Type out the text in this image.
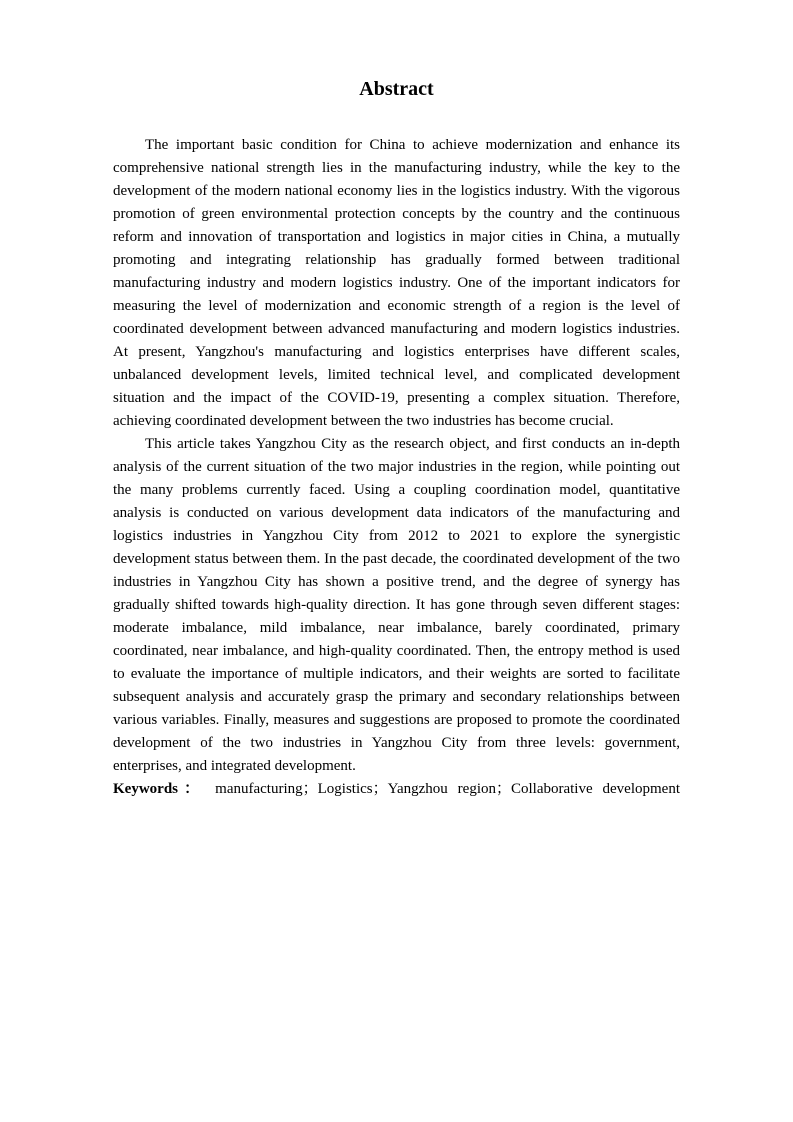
Abstract

The important basic condition for China to achieve modernization and enhance its comprehensive national strength lies in the manufacturing industry, while the key to the development of the modern national economy lies in the logistics industry. With the vigorous promotion of green environmental protection concepts by the country and the continuous reform and innovation of transportation and logistics in major cities in China, a mutually promoting and integrating relationship has gradually formed between traditional manufacturing industry and modern logistics industry. One of the important indicators for measuring the level of modernization and economic strength of a region is the level of coordinated development between advanced manufacturing and modern logistics industries. At present, Yangzhou's manufacturing and logistics enterprises have different scales, unbalanced development levels, limited technical level, and complicated development situation and the impact of the COVID-19, presenting a complex situation. Therefore, achieving coordinated development between the two industries has become crucial.

This article takes Yangzhou City as the research object, and first conducts an in-depth analysis of the current situation of the two major industries in the region, while pointing out the many problems currently faced. Using a coupling coordination model, quantitative analysis is conducted on various development data indicators of the manufacturing and logistics industries in Yangzhou City from 2012 to 2021 to explore the synergistic development status between them. In the past decade, the coordinated development of the two industries in Yangzhou City has shown a positive trend, and the degree of synergy has gradually shifted towards high-quality direction. It has gone through seven different stages: moderate imbalance, mild imbalance, near imbalance, barely coordinated, primary coordinated, near imbalance, and high-quality coordinated. Then, the entropy method is used to evaluate the importance of multiple indicators, and their weights are sorted to facilitate subsequent analysis and accurately grasp the primary and secondary relationships between various variables. Finally, measures and suggestions are proposed to promote the coordinated development of the two industries in Yangzhou City from three levels: government, enterprises, and integrated development.

Keywords： manufacturing；Logistics；Yangzhou region；Collaborative development
